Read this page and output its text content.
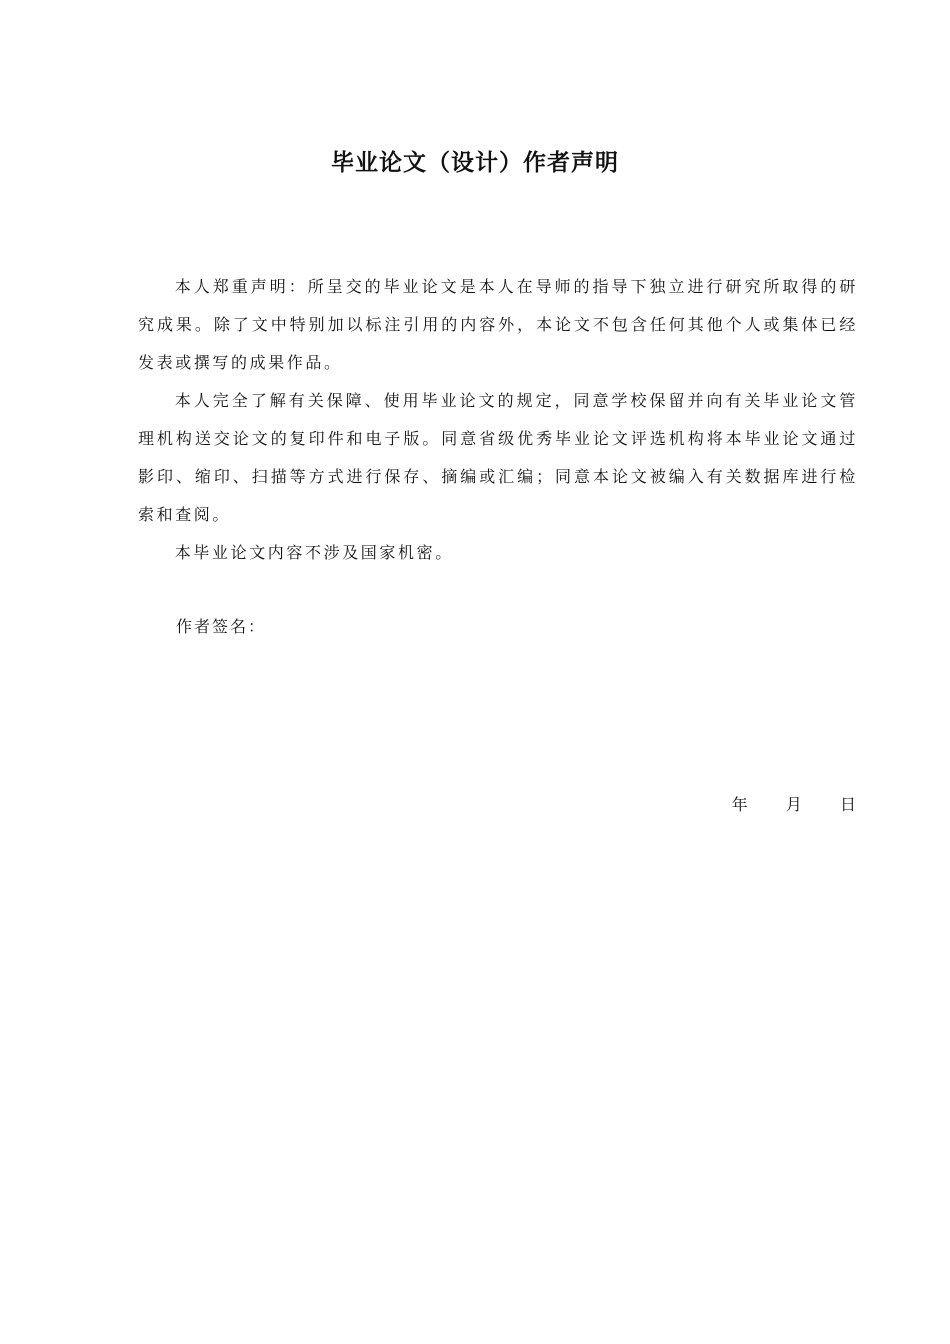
毕业论文（设计）作者声明

本人郑重声明：所呈交的毕业论文是本人在导师的指导下独立进行研究所取得的研究成果。除了文中特别加以标注引用的内容外，本论文不包含任何其他个人或集体已经发表或撰写的成果作品。

本人完全了解有关保障、使用毕业论文的规定，同意学校保留并向有关毕业论文管理机构送交论文的复印件和电子版。同意省级优秀毕业论文评选机构将本毕业论文通过影印、缩印、扫描等方式进行保存、摘编或汇编；同意本论文被编入有关数据库进行检索和查阅。

本毕业论文内容不涉及国家机密。

作者签名：

年  月  日
